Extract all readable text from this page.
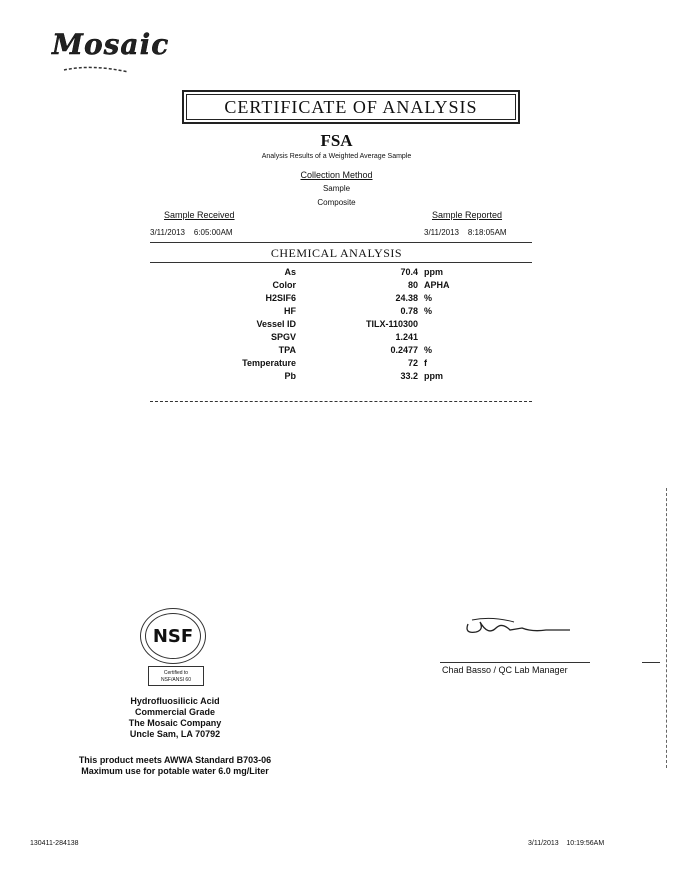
Mosaic
CERTIFICATE OF ANALYSIS
FSA
Analysis Results of a Weighted Average Sample
Collection Method
Sample
Composite
Sample Received	Sample Reported
3/11/2013    6:05:00AM	3/11/2013    8:18:05AM
CHEMICAL ANALYSIS
As	70.4 ppm
Color	80 APHA
H2SIF6	24.38 %
HF	0.78 %
Vessel ID	TILX-110300
SPGV	1.241
TPA	0.2477 %
Temperature	72 f
Pb	33.2 ppm
NSF
Certified to
NSF/ANSI 60
Hydrofluosilicic Acid
Commercial Grade
The Mosaic Company
Uncle Sam, LA 70792
This product meets AWWA Standard B703-06
Maximum use for potable water 6.0 mg/Liter
Chad Basso / QC Lab Manager
130411-284138	3/11/2013    10:19:56AM
